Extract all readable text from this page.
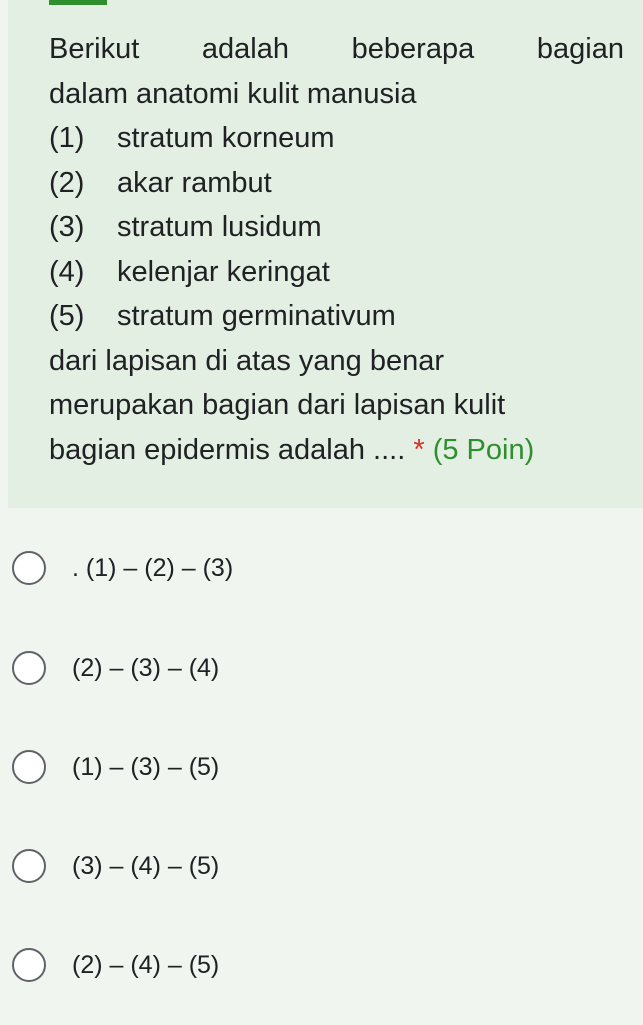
Berikut adalah beberapa bagian
dalam anatomi kulit manusia
(1) stratum korneum
(2) akar rambut
(3) stratum lusidum
(4) kelenjar keringat
(5) stratum germinativum
dari lapisan di atas yang benar
merupakan bagian dari lapisan kulit
bagian epidermis adalah .... * (5 Poin)
. (1) – (2) – (3)
(2) – (3) – (4)
(1) – (3) – (5)
(3) – (4) – (5)
(2) – (4) – (5)
